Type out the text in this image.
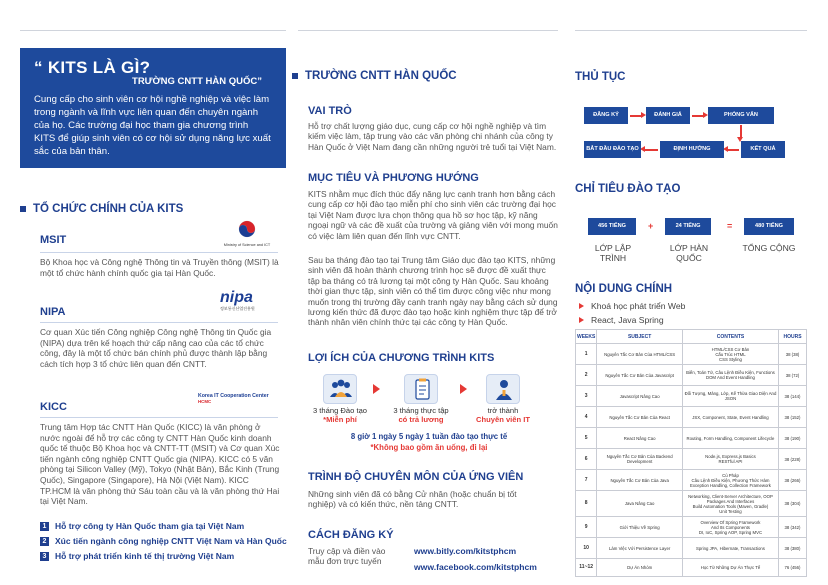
“ KITS LÀ GÌ?
TRƯỜNG CNTT HÀN QUỐC”
Cung cấp cho sinh viên cơ hội nghề nghiệp và việc làm trong ngành và lĩnh vực liên quan đến chuyên ngành của họ. Các trường đại học tham gia chương trình KITS để giúp sinh viên có cơ hội sử dụng năng lực xuất sắc của bản thân.
TỔ CHỨC CHÍNH CỦA KITS
MSIT	Ministry of Science and ICT
Bộ Khoa học và Công nghệ Thông tin và Truyền thông (MSIT) là một tổ chức hành chính quốc gia tại Hàn Quốc.
NIPA
nipa
정보통신산업진흥원
Cơ quan Xúc tiến Công nghiệp Công nghệ Thông tin Quốc gia (NIPA) dựa trên kế hoạch thứ cấp nâng cao của các tổ chức công, đây là một tổ chức bán chính phủ được thành lập bằng cách tích hợp 3 tổ chức liên quan đến CNTT.
KICC
Korea IT Cooperation Center
HCMC
Trung tâm Hợp tác CNTT Hàn Quốc (KICC) là văn phòng ở nước ngoài để hỗ trợ các công ty CNTT Hàn Quốc kinh doanh quốc tế thuộc Bộ Khoa học và CNTT-TT (MSIT) và Cơ quan Xúc tiến ngành công nghiệp CNTT Quốc gia (NIPA). KICC có 5 văn phòng tại Silicon Valley (Mỹ), Tokyo (Nhật Bản), Bắc Kinh (Trung Quốc), Singapore (Singapore), Hà Nội (Việt Nam). KICC TP.HCM là văn phòng thứ Sáu toàn cầu và là văn phòng thứ Hai tại Việt Nam.
1 Hỗ trợ công ty Hàn Quốc tham gia tại Việt Nam
2 Xúc tiến ngành công nghiệp CNTT Việt Nam và Hàn Quốc
3 Hỗ trợ phát triển kinh tế thị trường Việt Nam
TRƯỜNG CNTT HÀN QUỐC
VAI TRÒ
Hỗ trợ chất lượng giáo dục, cung cấp cơ hội nghề nghiệp và tìm kiếm việc làm, tập trung vào các văn phòng chi nhánh của công ty Hàn Quốc ở Việt Nam đang cần những người trẻ tuổi tại Việt Nam.
MỤC TIÊU VÀ PHƯƠNG HƯỚNG
KITS nhằm mục đích thúc đẩy năng lực cạnh tranh hơn bằng cách cung cấp cơ hội đào tạo miễn phí cho sinh viên các trường đại học tại Việt Nam được lựa chọn thông qua hồ sơ học tập, kỹ năng ngoại ngữ và các đề xuất của trường và giảng viên với mong muốn có việc làm liên quan đến lĩnh vực CNTT.
Sau ba tháng đào tạo tại Trung tâm Giáo dục đào tạo KITS, những sinh viên đã hoàn thành chương trình học sẽ được đề xuất thực tập ba tháng có trả lương tại một công ty Hàn Quốc. Sau khoảng thời gian thực tập, sinh viên có thể tìm được công việc như mong muốn trong thị trường đầy cạnh tranh ngày nay bằng cách sử dụng lương kiến thức đã được đào tạo hoặc kinh nghiệm thực tập để trở thành nhân viên chính thức tại các công ty Hàn Quốc.
LỢI ÍCH CỦA CHƯƠNG TRÌNH KITS
3 tháng Đào tạo
*Miễn phí
3 tháng thực tập
có trả lương
trở thành
Chuyên viên IT
8 giờ 1 ngày 5 ngày 1 tuần đào tạo thực tế
*Không bao gồm ăn uống, đi lại
TRÌNH ĐỘ CHUYÊN MÔN CỦA ỨNG VIÊN
Những sinh viên đã có bằng Cử nhân (hoặc chuẩn bị tốt nghiệp) và có kiến thức, nền tảng CNTT.
CÁCH ĐĂNG KÝ
Truy cập và điền vào mẫu đơn trực tuyến
www.bitly.com/kitstphcm
www.facebook.com/kitstphcm
THỦ TỤC
ĐĂNG KÝ	ĐÁNH GIÁ	PHỎNG VẤN
KẾT QUẢ
ĐỊNH HƯỚNG
BẮT ĐẦU ĐÀO TẠO
CHỈ TIÊU ĐÀO TẠO
456 TIẾNG	+	24 TIẾNG	=	480 TIẾNG
LỚP LẬP TRÌNH
LỚP HÀN QUỐC
TỔNG CỘNG
NỘI DUNG CHÍNH
Khoá học phát triển Web
React, Java Spring
WEEKS	SUBJECT	CONTENTS	HOURS
1	Nguyên Tắc Cơ Bản Của HTML/CSS	HTML/CSS Cơ Bản
Cấu Trúc HTML
CSS Styling	38 (38)
2	Nguyên Tắc Cơ Bản Của Javascript	Biến, Toán Tử, Câu Lệnh Điều Kiện, Functions
DOM And Event Handling	38 (72)
3	Javascript Nâng Cao	Đối Tượng, Mảng, Lớp, Kế Thừa Giao Diện And JSON	38 (144)
4	Nguyên Tắc Cơ Bản Của React	JSX, Component, State, Event Handling	38 (152)
5	React Nâng Cao	Routing, Form Handling, Component Lifecycle	38 (190)
6	Nguyên Tắc Cơ Bản Của Backend Development	Node.js, Express.js Basics
RESTful API	38 (228)
7	Nguyên Tắc Cơ Bản Của Java	Cú Pháp
Câu Lệnh Điều Kiện, Phương Thức Hàm
Exception Handling, Collection Framework	38 (266)
8	Java Nâng Cao	Networking, Client-Server Architecture, OOP
Packages And Interfaces
Build Automation Tools (Maven, Gradle)
Unit Testing	38 (304)
9	Giới Thiệu Về Spring	Overview Of Spring Framework
And Its Components
DI, IoC, Spring AOP, Spring MVC	38 (342)
10	Làm Việc Với Persistence Layer	Spring JPA, Hibernate, Transactions	38 (380)
11~12	Dự Án Nhóm	Học Từ Những Dự Án Thực Tế	76 (456)
